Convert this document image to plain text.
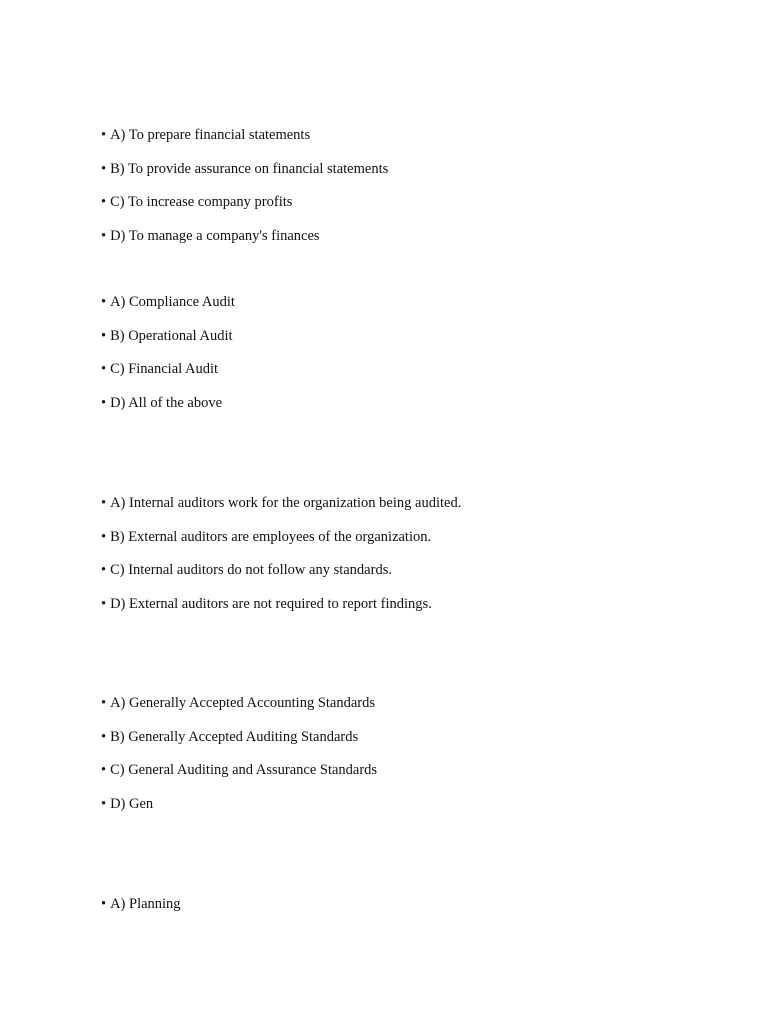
• A) To prepare financial statements
• B) To provide assurance on financial statements
• C) To increase company profits
• D) To manage a company's finances
• A) Compliance Audit
• B) Operational Audit
• C) Financial Audit
• D) All of the above
• A) Internal auditors work for the organization being audited.
• B) External auditors are employees of the organization.
• C) Internal auditors do not follow any standards.
• D) External auditors are not required to report findings.
• A) Generally Accepted Accounting Standards
• B) Generally Accepted Auditing Standards
• C) General Auditing and Assurance Standards
• D) Gen
• A) Planning
